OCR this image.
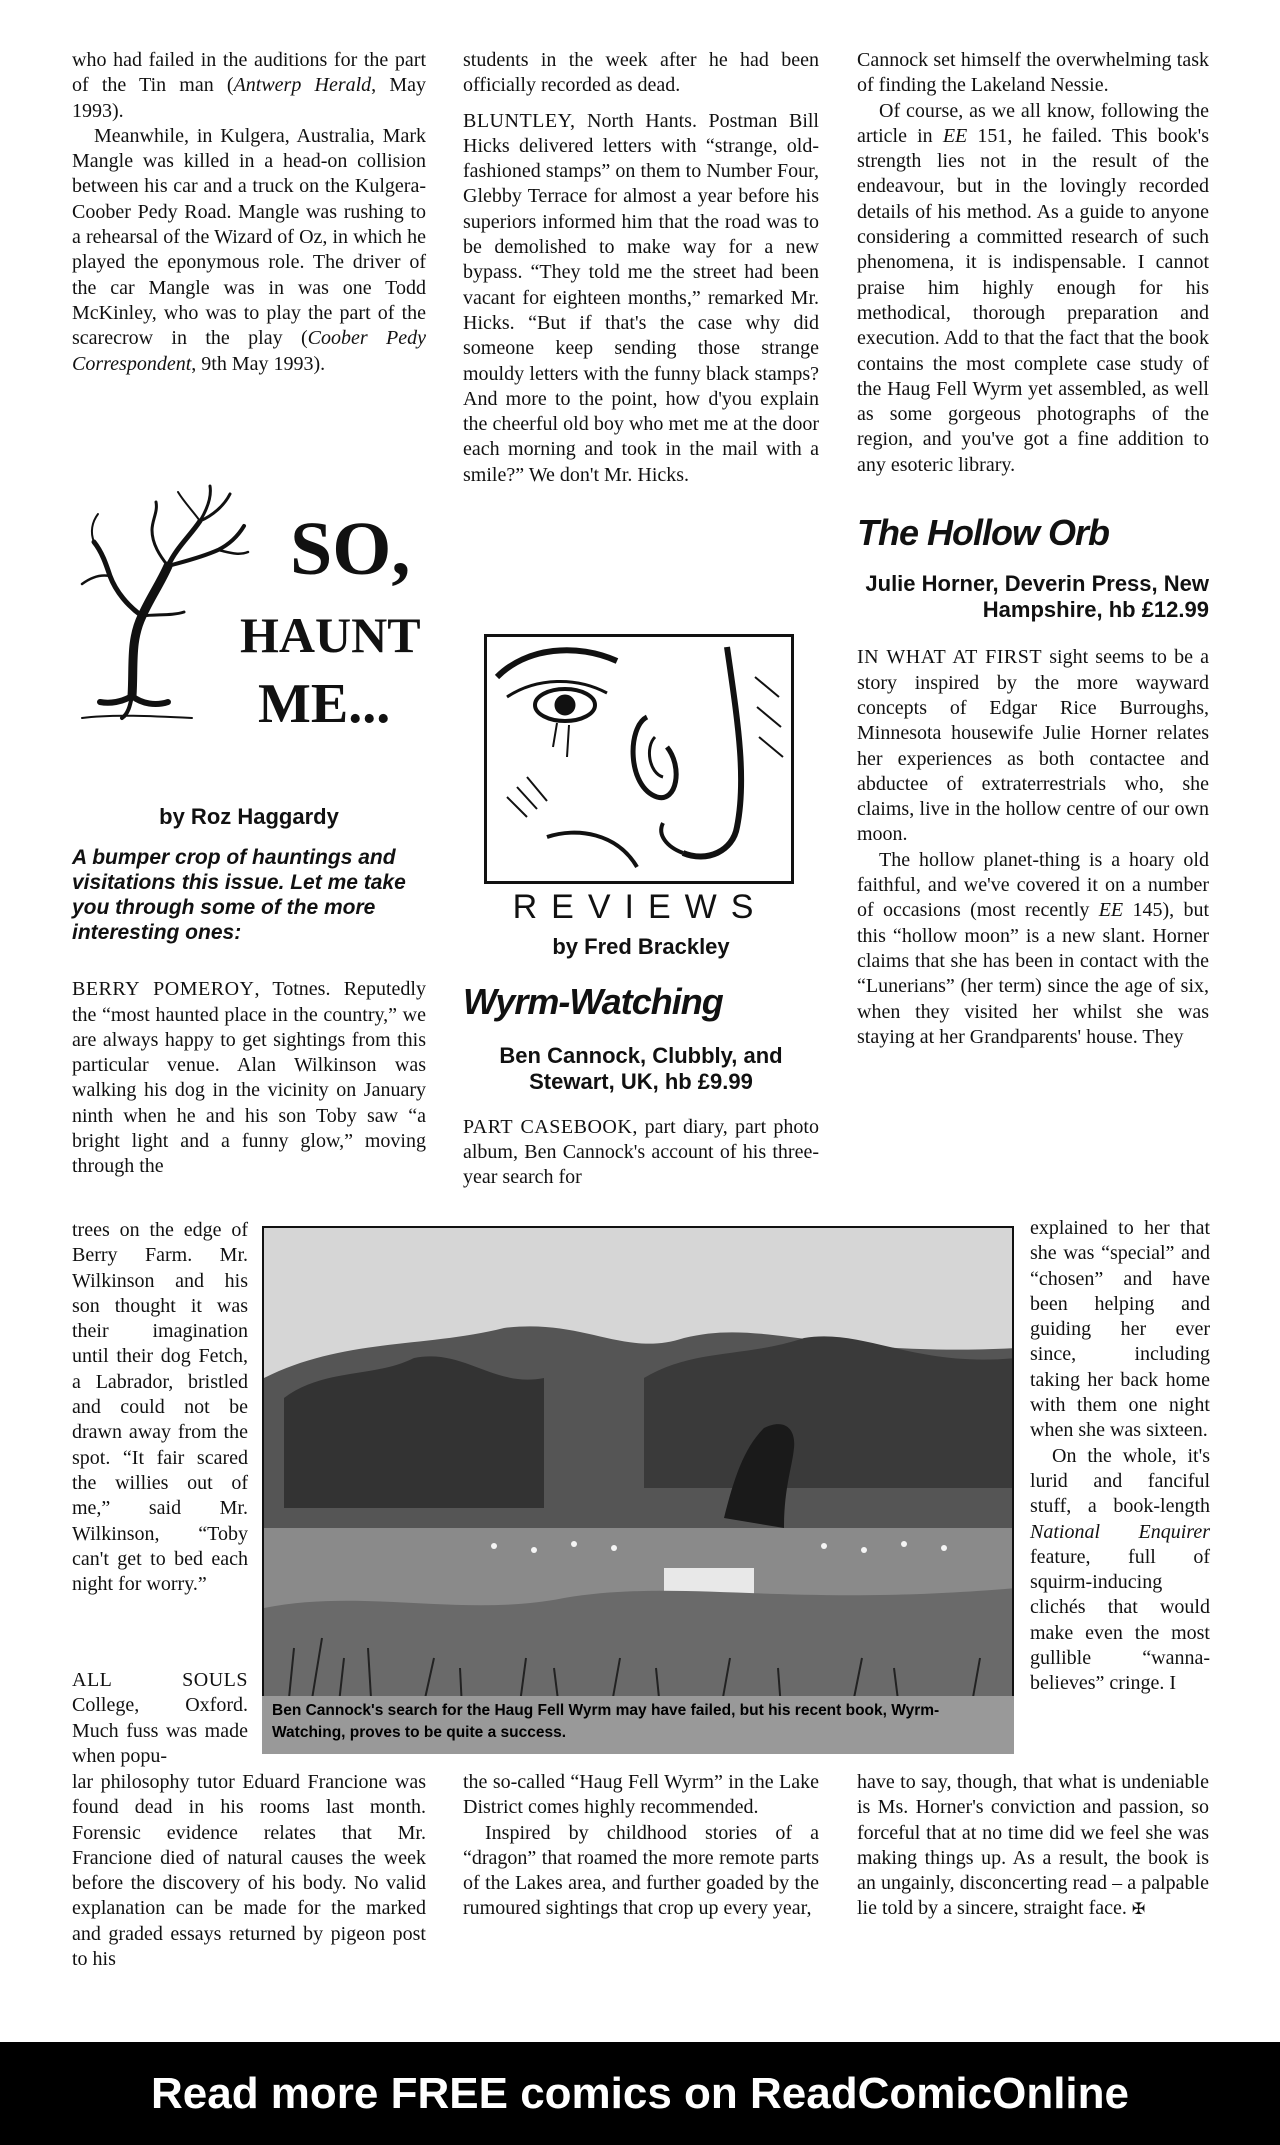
who had failed in the auditions for the part of the Tin man (Antwerp Herald, May 1993).

Meanwhile, in Kulgera, Australia, Mark Mangle was killed in a head-on collision between his car and a truck on the Kulgera-Coober Pedy Road. Mangle was rushing to a rehearsal of the Wizard of Oz, in which he played the eponymous role. The driver of the car Mangle was in was one Todd McKinley, who was to play the part of the scarecrow in the play (Coober Pedy Correspondent, 9th May 1993).

SO,
HAUNT
ME...

by Roz Haggardy

A bumper crop of hauntings and visitations this issue. Let me take you through some of the more interesting ones:

BERRY POMEROY, Totnes. Reputedly the “most haunted place in the country,” we are always happy to get sightings from this particular venue. Alan Wilkinson was walking his dog in the vicinity on January ninth when he and his son Toby saw “a bright light and a funny glow,” moving through the

trees on the edge of Berry Farm. Mr. Wilkinson and his son thought it was their imagination until their dog Fetch, a Labrador, bristled and could not be drawn away from the spot. “It fair scared the willies out of me,” said Mr. Wilkinson, “Toby can't get to bed each night for worry.”
ALL SOULS College, Oxford. Much fuss was made when popu-
lar philosophy tutor Eduard Francione was found dead in his rooms last month. Forensic evidence relates that Mr. Francione died of natural causes the week before the discovery of his body. No valid explanation can be made for the marked and graded essays returned by pigeon post to his

students in the week after he had been officially recorded as dead.

BLUNTLEY, North Hants. Postman Bill Hicks delivered letters with “strange, old-fashioned stamps” on them to Number Four, Glebby Terrace for almost a year before his superiors informed him that the road was to be demolished to make way for a new bypass. “They told me the street had been vacant for eighteen months,” remarked Mr. Hicks. “But if that's the case why did someone keep sending those strange mouldy letters with the funny black stamps? And more to the point, how d'you explain the cheerful old boy who met me at the door each morning and took in the mail with a smile?” We don't Mr. Hicks.

REVIEWS

by Fred Brackley

Wyrm-Watching

Ben Cannock, Clubbly, and Stewart, UK, hb £9.99

PART CASEBOOK, part diary, part photo album, Ben Cannock's account of his three-year search for

the so-called “Haug Fell Wyrm” in the Lake District comes highly recommended.

Inspired by childhood stories of a “dragon” that roamed the more remote parts of the Lakes area, and further goaded by the rumoured sightings that crop up every year,

Cannock set himself the overwhelming task of finding the Lakeland Nessie.

Of course, as we all know, following the article in EE 151, he failed. This book's strength lies not in the result of the endeavour, but in the lovingly recorded details of his method. As a guide to anyone considering a committed research of such phenomena, it is indispensable. I cannot praise him highly enough for his methodical, thorough preparation and execution. Add to that the fact that the book contains the most complete case study of the Haug Fell Wyrm yet assembled, as well as some gorgeous photographs of the region, and you've got a fine addition to any esoteric library.

The Hollow Orb

Julie Horner, Deverin Press, New Hampshire, hb £12.99

IN WHAT AT FIRST sight seems to be a story inspired by the more wayward concepts of Edgar Rice Burroughs, Minnesota housewife Julie Horner relates her experiences as both contactee and abductee of extraterrestrials who, she claims, live in the hollow centre of our own moon.

The hollow planet-thing is a hoary old faithful, and we've covered it on a number of occasions (most recently EE 145), but this “hollow moon” is a new slant. Horner claims that she has been in contact with the “Lunerians” (her term) since the age of six, when they visited her whilst she was staying at her Grandparents' house. They

explained to her that she was “special” and “chosen” and have been helping and guiding her ever since, including taking her back home with them one night when she was sixteen.

On the whole, it's lurid and fanciful stuff, a book-length National Enquirer feature, full of squirm-inducing clichés that would make even the most gullible “wanna-believes” cringe. I

have to say, though, that what is undeniable is Ms. Horner's conviction and passion, so forceful that at no time did we feel she was making things up. As a result, the book is an ungainly, disconcerting read – a palpable lie told by a sincere, straight face. ✠

Ben Cannock's search for the Haug Fell Wyrm may have failed, but his recent book, Wyrm-Watching, proves to be quite a success.
Read more FREE comics on ReadComicOnline
